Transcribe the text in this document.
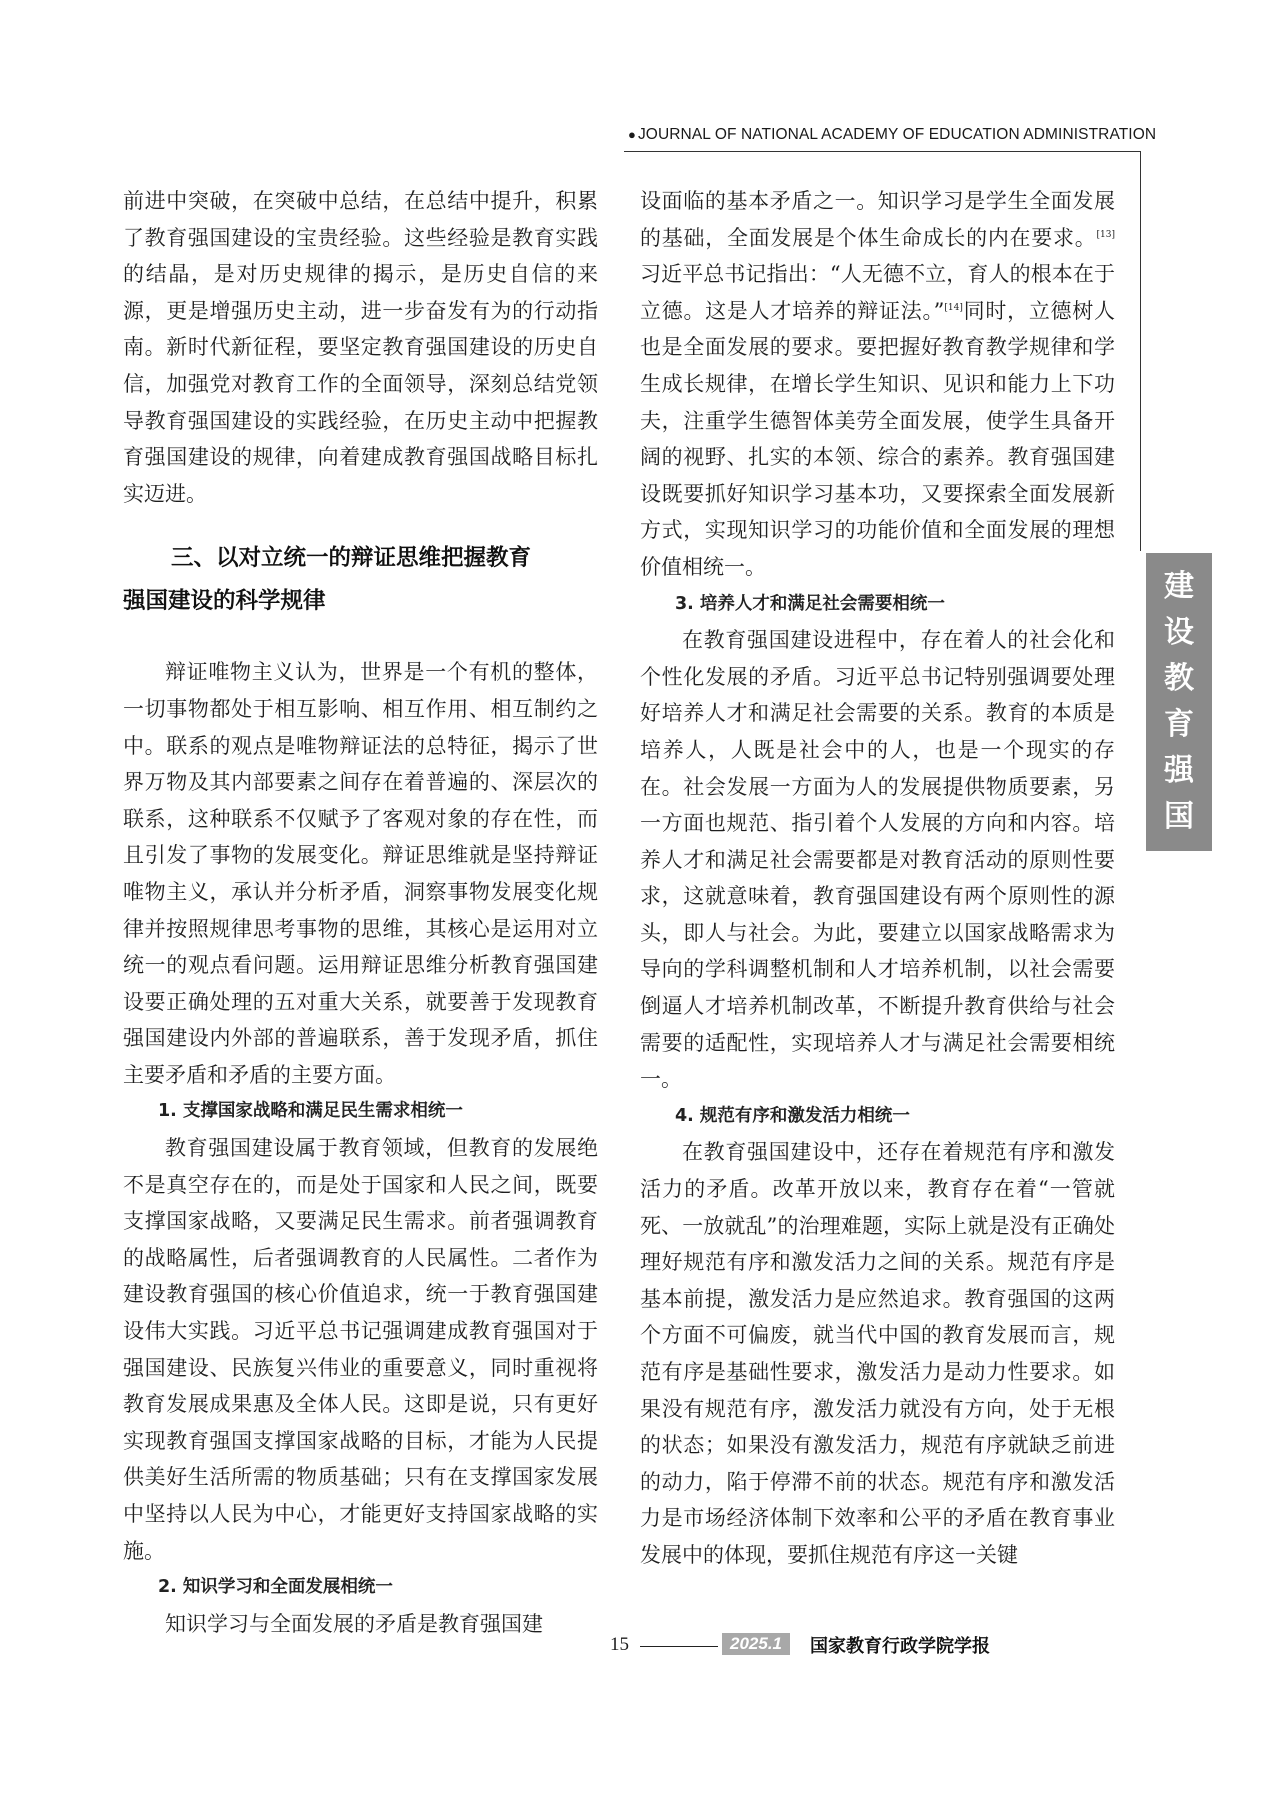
● JOURNAL OF NATIONAL ACADEMY OF EDUCATION ADMINISTRATION

前进中突破，在突破中总结，在总结中提升，积累了教育强国建设的宝贵经验。这些经验是教育实践的结晶，是对历史规律的揭示，是历史自信的来源，更是增强历史主动，进一步奋发有为的行动指南。新时代新征程，要坚定教育强国建设的历史自信，加强党对教育工作的全面领导，深刻总结党领导教育强国建设的实践经验，在历史主动中把握教育强国建设的规律，向着建成教育强国战略目标扎实迈进。

三、以对立统一的辩证思维把握教育
强国建设的科学规律

辩证唯物主义认为，世界是一个有机的整体，一切事物都处于相互影响、相互作用、相互制约之中。联系的观点是唯物辩证法的总特征，揭示了世界万物及其内部要素之间存在着普遍的、深层次的联系，这种联系不仅赋予了客观对象的存在性，而且引发了事物的发展变化。辩证思维就是坚持辩证唯物主义，承认并分析矛盾，洞察事物发展变化规律并按照规律思考事物的思维，其核心是运用对立统一的观点看问题。运用辩证思维分析教育强国建设要正确处理的五对重大关系，就要善于发现教育强国建设内外部的普遍联系，善于发现矛盾，抓住主要矛盾和矛盾的主要方面。

1. 支撑国家战略和满足民生需求相统一

教育强国建设属于教育领域，但教育的发展绝不是真空存在的，而是处于国家和人民之间，既要支撑国家战略，又要满足民生需求。前者强调教育的战略属性，后者强调教育的人民属性。二者作为建设教育强国的核心价值追求，统一于教育强国建设伟大实践。习近平总书记强调建成教育强国对于强国建设、民族复兴伟业的重要意义，同时重视将教育发展成果惠及全体人民。这即是说，只有更好实现教育强国支撑国家战略的目标，才能为人民提供美好生活所需的物质基础；只有在支撑国家发展中坚持以人民为中心，才能更好支持国家战略的实施。

2. 知识学习和全面发展相统一

知识学习与全面发展的矛盾是教育强国建

设面临的基本矛盾之一。知识学习是学生全面发展的基础，全面发展是个体生命成长的内在要求。[13]习近平总书记指出：“人无德不立，育人的根本在于立德。这是人才培养的辩证法。”[14]同时，立德树人也是全面发展的要求。要把握好教育教学规律和学生成长规律，在增长学生知识、见识和能力上下功夫，注重学生德智体美劳全面发展，使学生具备开阔的视野、扎实的本领、综合的素养。教育强国建设既要抓好知识学习基本功，又要探索全面发展新方式，实现知识学习的功能价值和全面发展的理想价值相统一。

3. 培养人才和满足社会需要相统一

在教育强国建设进程中，存在着人的社会化和个性化发展的矛盾。习近平总书记特别强调要处理好培养人才和满足社会需要的关系。教育的本质是培养人，人既是社会中的人，也是一个现实的存在。社会发展一方面为人的发展提供物质要素，另一方面也规范、指引着个人发展的方向和内容。培养人才和满足社会需要都是对教育活动的原则性要求，这就意味着，教育强国建设有两个原则性的源头，即人与社会。为此，要建立以国家战略需求为导向的学科调整机制和人才培养机制，以社会需要倒逼人才培养机制改革，不断提升教育供给与社会需要的适配性，实现培养人才与满足社会需要相统一。

4. 规范有序和激发活力相统一

在教育强国建设中，还存在着规范有序和激发活力的矛盾。改革开放以来，教育存在着“一管就死、一放就乱”的治理难题，实际上就是没有正确处理好规范有序和激发活力之间的关系。规范有序是基本前提，激发活力是应然追求。教育强国的这两个方面不可偏废，就当代中国的教育发展而言，规范有序是基础性要求，激发活力是动力性要求。如果没有规范有序，激发活力就没有方向，处于无根的状态；如果没有激发活力，规范有序就缺乏前进的动力，陷于停滞不前的状态。规范有序和激发活力是市场经济体制下效率和公平的矛盾在教育事业发展中的体现，要抓住规范有序这一关键

建
设
教
育
强
国
15	2025.1	国家教育行政学院学报
